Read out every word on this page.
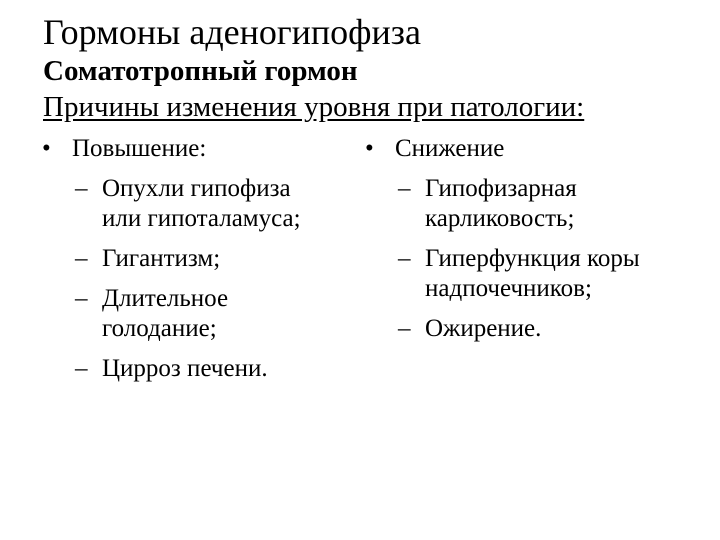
Гормоны аденогипофиза
Соматотропный гормон
Причины изменения уровня при патологии:
• Повышение:
– Опухли гипофиза
или гипоталамуса;
– Гигантизм;
– Длительное
голодание;
– Цирроз печени.
• Снижение
– Гипофизарная
карликовость;
– Гиперфункция коры
надпочечников;
– Ожирение.
